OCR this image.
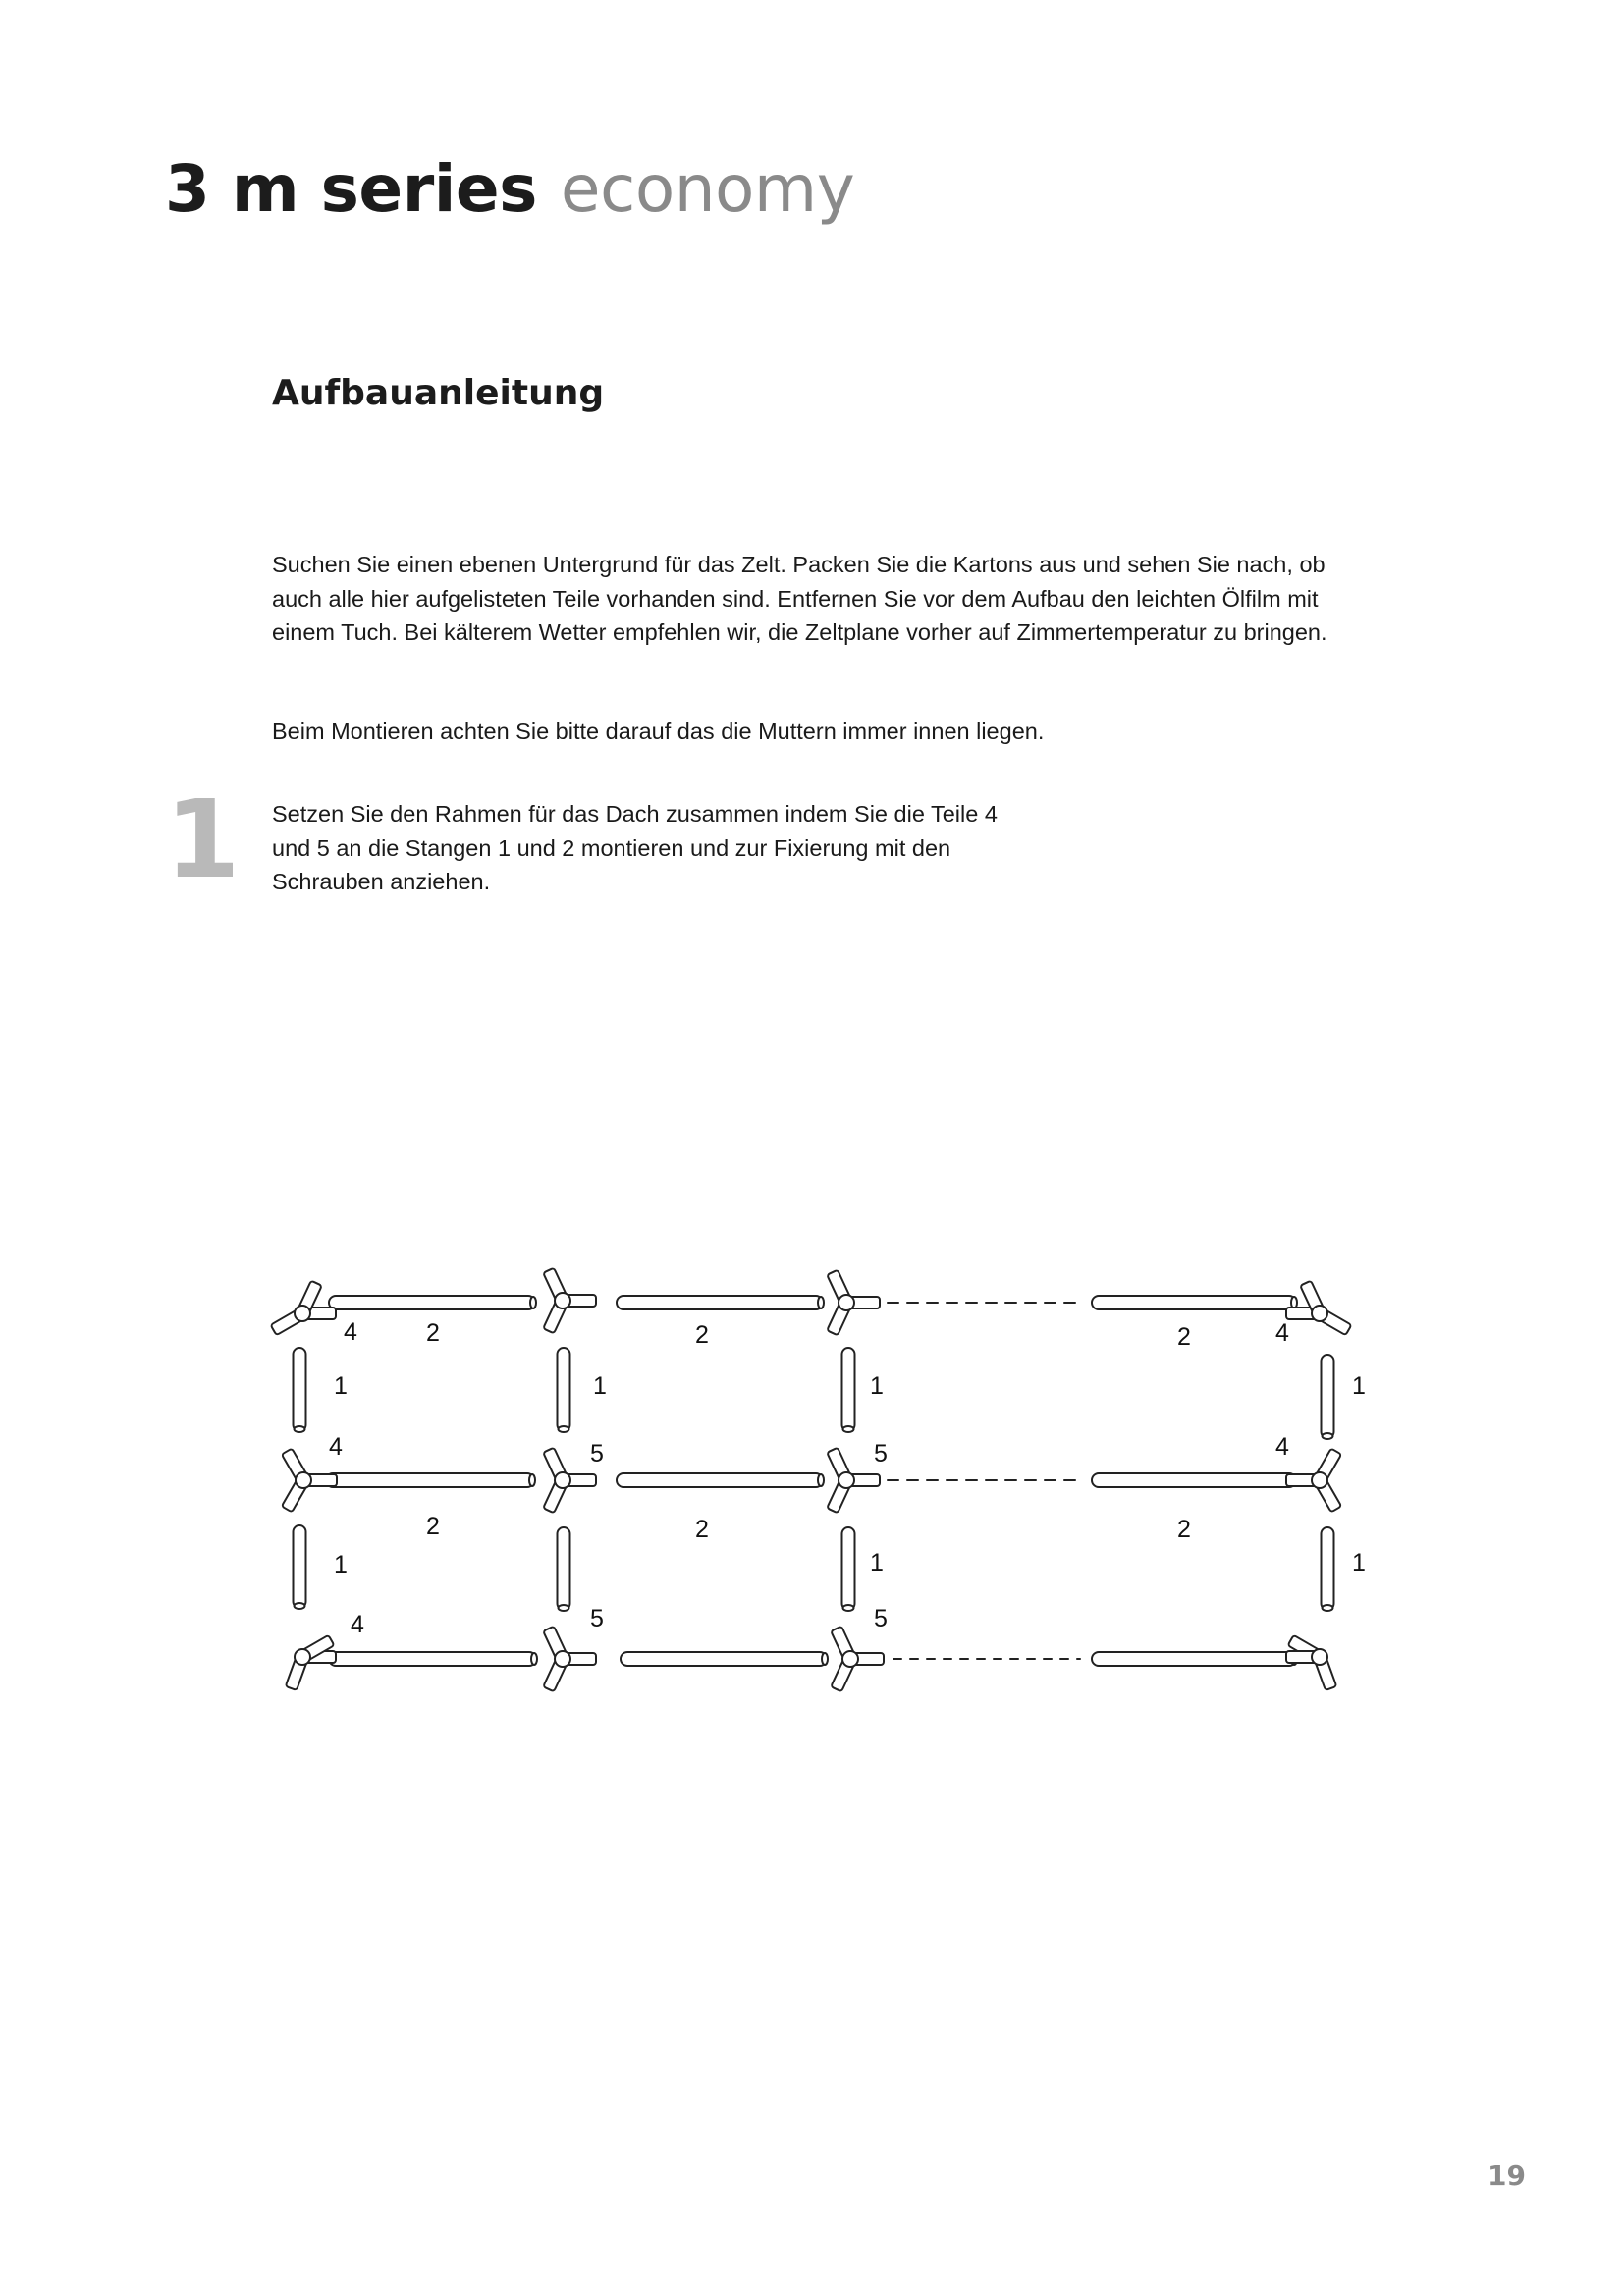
3 m series economy
Aufbauanleitung

Suchen Sie einen ebenen Untergrund für das Zelt. Packen Sie die Kartons aus und sehen Sie nach, ob auch alle hier aufgelisteten Teile vorhanden sind. Entfernen Sie vor dem Aufbau den leichten Ölfilm mit einem Tuch. Bei kälterem Wetter empfehlen wir, die Zeltplane vorher auf Zimmertemperatur zu bringen.

Beim Montieren achten Sie bitte darauf das die Muttern immer innen liegen.

1 Setzen Sie den Rahmen für das Dach zusammen indem Sie die Teile 4 und 5 an die Stangen 1 und 2 montieren und zur Fixierung mit den Schrauben anziehen.

4	2	2	2	4
1	1	1	1
4	5	5	4
2	2	2
1	1	1
4	5	5
19
